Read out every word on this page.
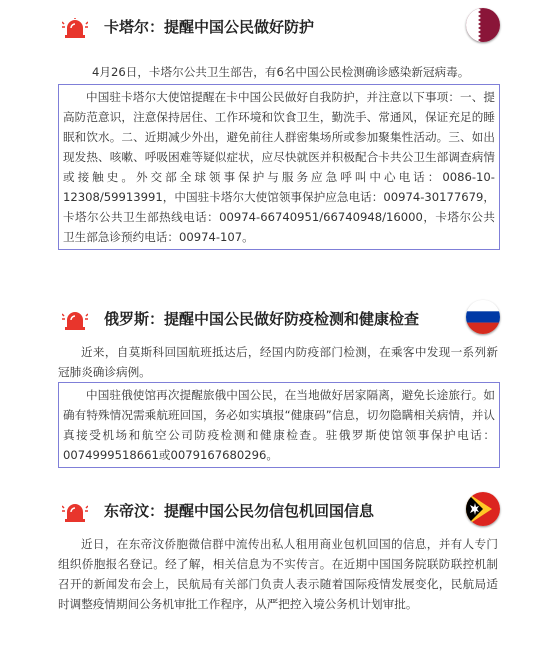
卡塔尔：提醒中国公民做好防护

4月26日，卡塔尔公共卫生部告，有6名中国公民检测确诊感染新冠病毒。

中国驻卡塔尔大使馆提醒在卡中国公民做好自我防护，并注意以下事项：一、提高防范意识，注意保持居住、工作环境和饮食卫生，勤洗手、常通风，保证充足的睡眠和饮水。二、近期减少外出，避免前往人群密集场所或参加聚集性活动。三、如出现发热、咳嗽、呼吸困难等疑似症状，应尽快就医并积极配合卡共公卫生部调查病情或接触史。外交部全球领事保护与服务应急呼叫中心电话：0086-10-12308/59913991，中国驻卡塔尔大使馆领事保护应急电话：00974-30177679，卡塔尔公共卫生部热线电话：00974-66740951/66740948/16000，卡塔尔公共卫生部急诊预约电话：00974-107。

俄罗斯：提醒中国公民做好防疫检测和健康检查

近来，自莫斯科回国航班抵达后，经国内防疫部门检测，在乘客中发现一系列新冠肺炎确诊病例。

中国驻俄使馆再次提醒旅俄中国公民，在当地做好居家隔离，避免长途旅行。如确有特殊情况需乘航班回国，务必如实填报“健康码”信息，切勿隐瞒相关病情，并认真接受机场和航空公司防疫检测和健康检查。驻俄罗斯使馆领事保护电话：0074999518661或0079167680296。

东帝汶：提醒中国公民勿信包机回国信息

近日，在东帝汶侨胞微信群中流传出私人租用商业包机回国的信息，并有人专门组织侨胞报名登记。经了解，相关信息为不实传言。在近期中国国务院联防联控机制召开的新闻发布会上，民航局有关部门负责人表示随着国际疫情发展变化，民航局适时调整疫情期间公务机审批工作程序，从严把控入境公务机计划审批。
